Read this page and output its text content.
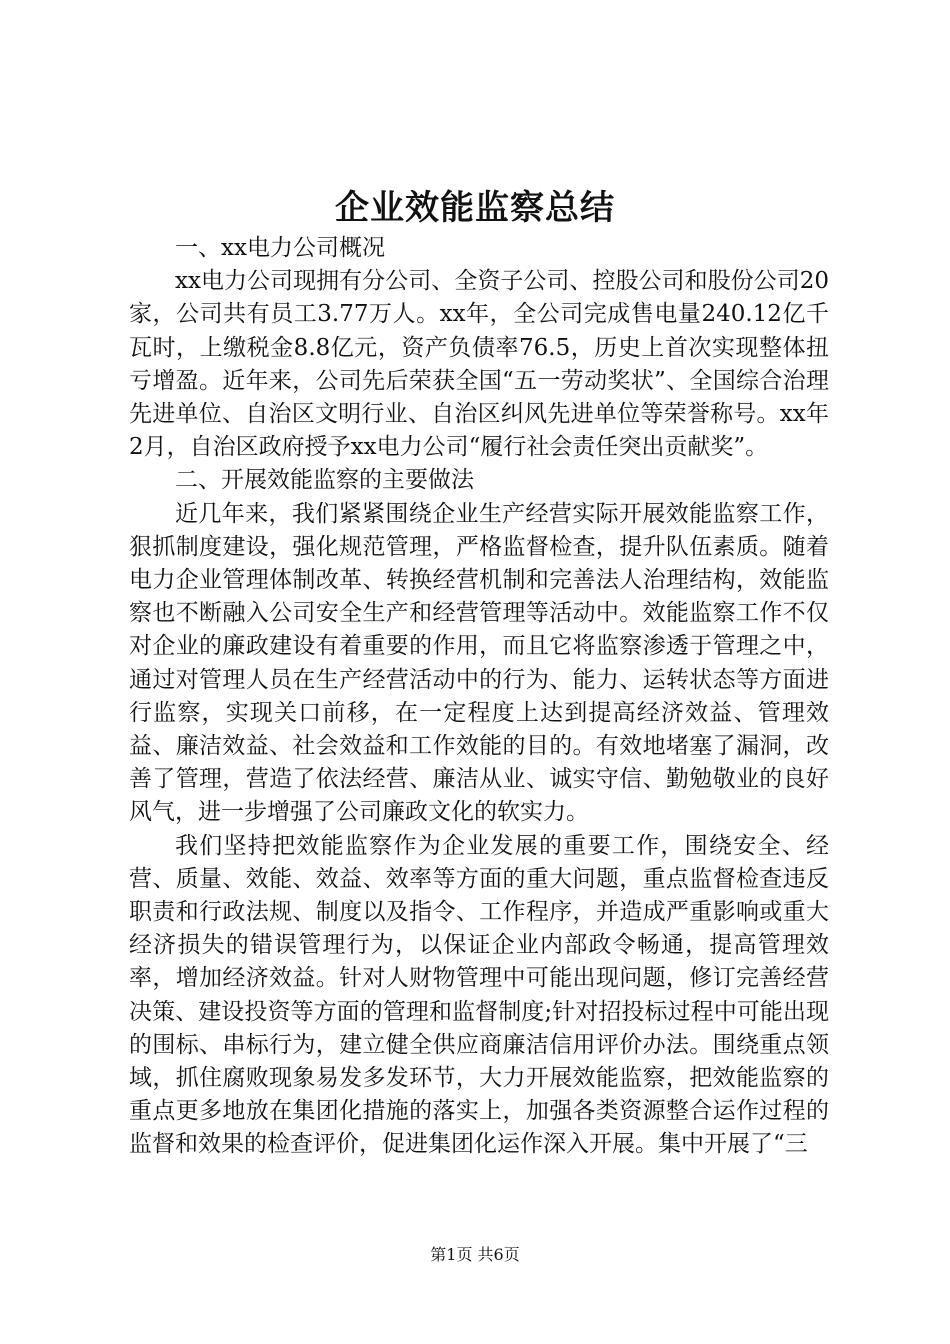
企业效能监察总结

一、xx电力公司概况

xx电力公司现拥有分公司、全资子公司、控股公司和股份公司20家，公司共有员工3.77万人。xx年，全公司完成售电量240.12亿千瓦时，上缴税金8.8亿元，资产负债率76.5，历史上首次实现整体扭亏增盈。近年来，公司先后荣获全国“五一劳动奖状”、全国综合治理先进单位、自治区文明行业、自治区纠风先进单位等荣誉称号。xx年2月，自治区政府授予xx电力公司“履行社会责任突出贡献奖”。

二、开展效能监察的主要做法

近几年来，我们紧紧围绕企业生产经营实际开展效能监察工作，狠抓制度建设，强化规范管理，严格监督检查，提升队伍素质。随着电力企业管理体制改革、转换经营机制和完善法人治理结构，效能监察也不断融入公司安全生产和经营管理等活动中。效能监察工作不仅对企业的廉政建设有着重要的作用，而且它将监察渗透于管理之中，通过对管理人员在生产经营活动中的行为、能力、运转状态等方面进行监察，实现关口前移，在一定程度上达到提高经济效益、管理效益、廉洁效益、社会效益和工作效能的目的。有效地堵塞了漏洞，改善了管理，营造了依法经营、廉洁从业、诚实守信、勤勉敬业的良好风气，进一步增强了公司廉政文化的软实力。

我们坚持把效能监察作为企业发展的重要工作，围绕安全、经营、质量、效能、效益、效率等方面的重大问题，重点监督检查违反职责和行政法规、制度以及指令、工作程序，并造成严重影响或重大经济损失的错误管理行为，以保证企业内部政令畅通，提高管理效率，增加经济效益。针对人财物管理中可能出现问题，修订完善经营决策、建设投资等方面的管理和监督制度;针对招投标过程中可能出现的围标、串标行为，建立健全供应商廉洁信用评价办法。围绕重点领域，抓住腐败现象易发多发环节，大力开展效能监察，把效能监察的重点更多地放在集团化措施的落实上，加强各类资源整合运作过程的监督和效果的检查评价，促进集团化运作深入开展。集中开展了“三

第1页 共6页
